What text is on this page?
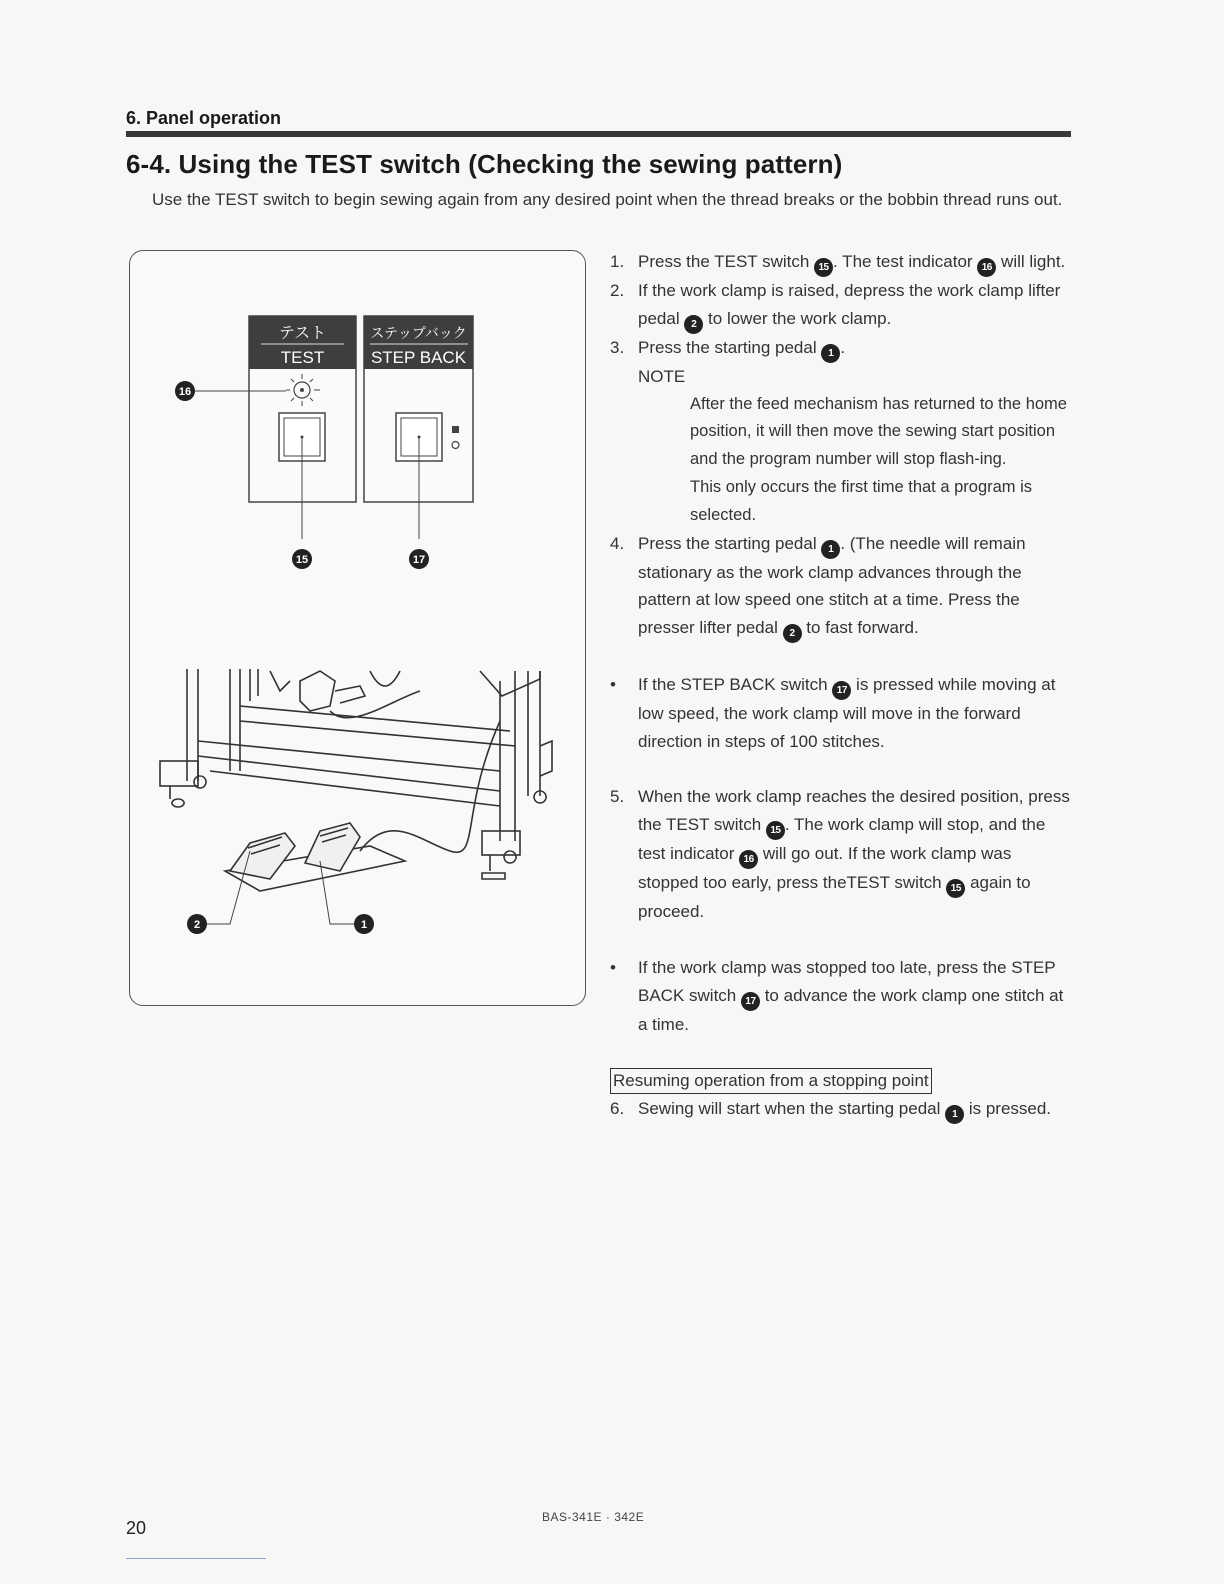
6. Panel operation
6-4. Using the TEST switch (Checking the sewing pattern)
Use the TEST switch to begin sewing again from any desired point when the thread breaks or the bobbin thread runs out.
テスト
TEST
ステップバック
STEP BACK
16
15	17
2	1
1. Press the TEST switch 15 . The test indicator 16 will light.
2. If the work clamp is raised, depress the work clamp lifter pedal 2 to lower the work clamp.
3. Press the starting pedal 1 .
NOTE
After the feed mechanism has returned to the home position, it will then move the sewing start position and the program number will stop flash-ing.
This only occurs the first time that a program is selected.
4. Press the starting pedal 1 . (The needle will remain stationary as the work clamp advances through the pattern at low speed one stitch at a time. Press the presser lifter pedal 2 to fast forward.
•	If the STEP BACK switch 17 is pressed while moving at low speed, the work clamp will move in the forward direction in steps of 100 stitches.
5. When the work clamp reaches the desired position, press the TEST switch 15 . The work clamp will stop, and the test indicator 16 will go out. If the work clamp was stopped too early, press theTEST switch 15 again to proceed.
•	If the work clamp was stopped too late, press the STEP BACK switch 17 to advance the work clamp one stitch at a time.
Resuming operation from a stopping point
6. Sewing will start when the starting pedal 1 is pressed.
BAS-341E · 342E
20
